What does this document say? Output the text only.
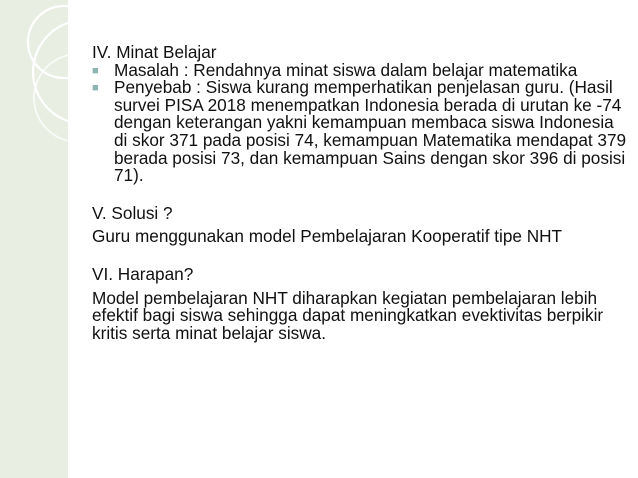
IV. Minat Belajar

■ Masalah : Rendahnya minat siswa dalam belajar matematika
■ Penyebab : Siswa kurang memperhatikan penjelasan guru. (Hasil survei PISA 2018 menempatkan Indonesia berada di urutan ke -74 dengan keterangan yakni kemampuan membaca siswa Indonesia di skor 371 pada posisi 74, kemampuan Matematika mendapat 379 berada posisi 73, dan kemampuan Sains dengan skor 396 di posisi 71).

V. Solusi ?

Guru menggunakan model Pembelajaran Kooperatif tipe NHT

VI. Harapan?

Model pembelajaran NHT diharapkan kegiatan pembelajaran lebih efektif bagi siswa sehingga dapat meningkatkan evektivitas berpikir kritis serta minat belajar siswa.
